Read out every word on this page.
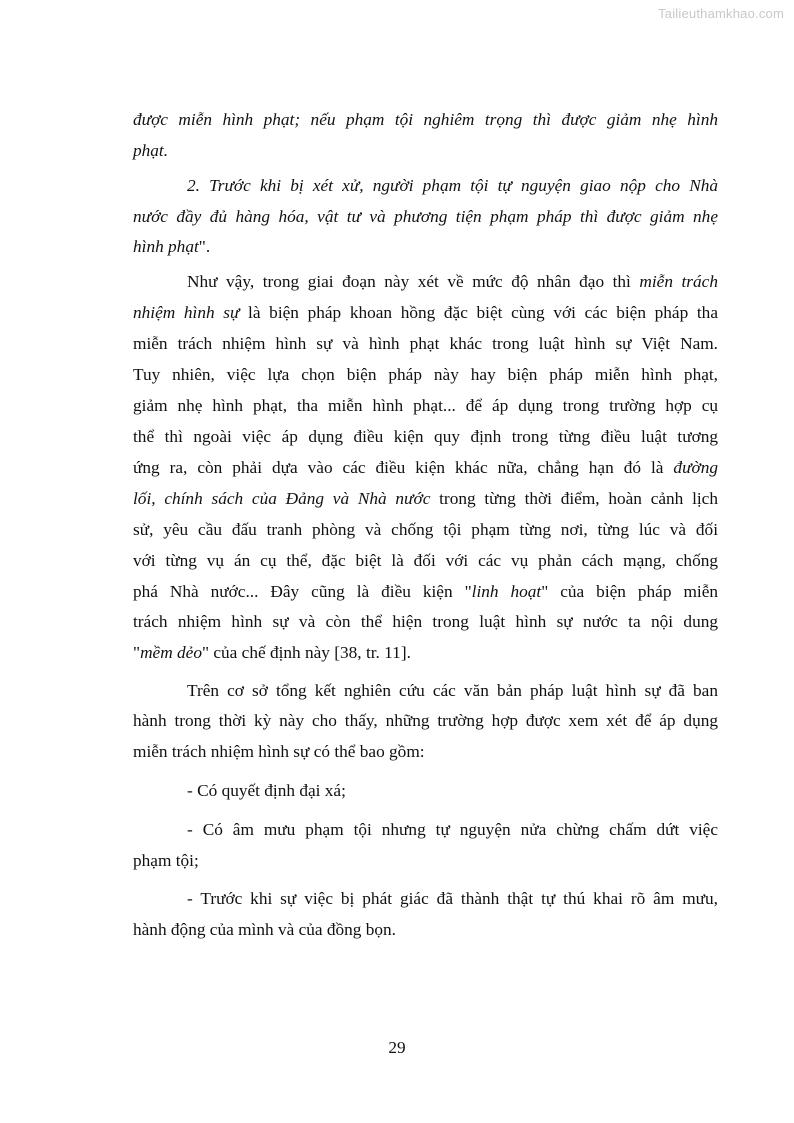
Tailieuthamkhao.com
được miễn hình phạt; nếu phạm tội nghiêm trọng thì được giảm nhẹ hình
phạt.
2. Trước khi bị xét xử, người phạm tội tự nguyện giao nộp cho Nhà
nước đầy đủ hàng hóa, vật tư và phương tiện phạm pháp thì được giảm nhẹ
hình phạt".
Như vậy, trong giai đoạn này xét về mức độ nhân đạo thì miễn trách
nhiệm hình sự là biện pháp khoan hồng đặc biệt cùng với các biện pháp tha
miễn trách nhiệm hình sự và hình phạt khác trong luật hình sự Việt Nam.
Tuy nhiên, việc lựa chọn biện pháp này hay biện pháp miễn hình phạt,
giảm nhẹ hình phạt, tha miễn hình phạt... để áp dụng trong trường hợp cụ
thể thì ngoài việc áp dụng điều kiện quy định trong từng điều luật tương
ứng ra, còn phải dựa vào các điều kiện khác nữa, chẳng hạn đó là đường
lối, chính sách của Đảng và Nhà nước trong từng thời điểm, hoàn cảnh lịch
sử, yêu cầu đấu tranh phòng và chống tội phạm từng nơi, từng lúc và đối
với từng vụ án cụ thể, đặc biệt là đối với các vụ phản cách mạng, chống
phá Nhà nước... Đây cũng là điều kiện "linh hoạt" của biện pháp miễn
trách nhiệm hình sự và còn thể hiện trong luật hình sự nước ta nội dung
"mềm dẻo" của chế định này [38, tr. 11].
Trên cơ sở tổng kết nghiên cứu các văn bản pháp luật hình sự đã ban
hành trong thời kỳ này cho thấy, những trường hợp được xem xét để áp dụng
miễn trách nhiệm hình sự có thể bao gồm:
- Có quyết định đại xá;
- Có âm mưu phạm tội nhưng tự nguyện nửa chừng chấm dứt việc
phạm tội;
- Trước khi sự việc bị phát giác đã thành thật tự thú khai rõ âm mưu,
hành động của mình và của đồng bọn.
29
